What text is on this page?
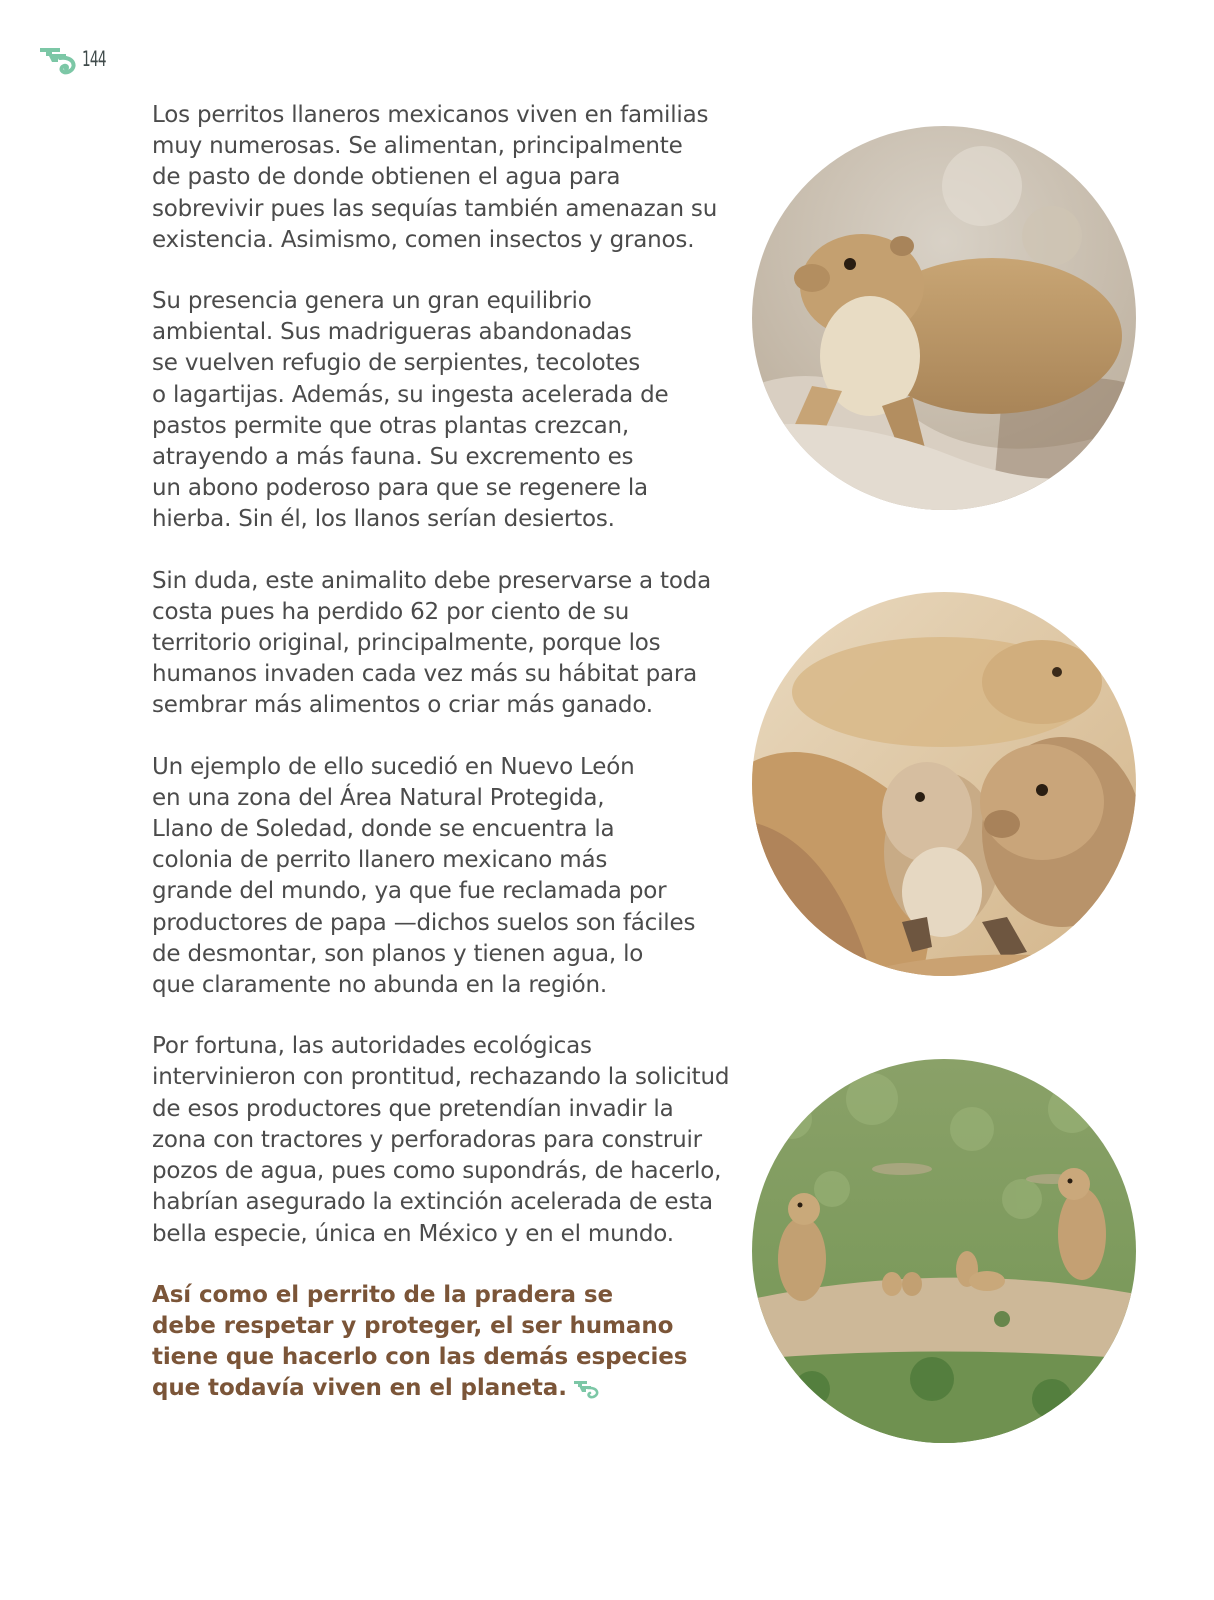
144

Los perritos llaneros mexicanos viven en familias
muy numerosas. Se alimentan, principalmente
de pasto de donde obtienen el agua para
sobrevivir pues las sequías también amenazan su
existencia. Asimismo, comen insectos y granos.

Su presencia genera un gran equilibrio
ambiental. Sus madrigueras abandonadas
se vuelven refugio de serpientes, tecolotes
o lagartijas. Además, su ingesta acelerada de
pastos permite que otras plantas crezcan,
atrayendo a más fauna. Su excremento es
un abono poderoso para que se regenere la
hierba. Sin él, los llanos serían desiertos.

Sin duda, este animalito debe preservarse a toda
costa pues ha perdido 62 por ciento de su
territorio original, principalmente, porque los
humanos invaden cada vez más su hábitat para
sembrar más alimentos o criar más ganado.

Un ejemplo de ello sucedió en Nuevo León
en una zona del Área Natural Protegida,
Llano de Soledad, donde se encuentra la
colonia de perrito llanero mexicano más
grande del mundo, ya que fue reclamada por
productores de papa —dichos suelos son fáciles
de desmontar, son planos y tienen agua, lo
que claramente no abunda en la región.

Por fortuna, las autoridades ecológicas
intervinieron con prontitud, rechazando la solicitud
de esos productores que pretendían invadir la
zona con tractores y perforadoras para construir
pozos de agua, pues como supondrás, de hacerlo,
habrían asegurado la extinción acelerada de esta
bella especie, única en México y en el mundo.

Así como el perrito de la pradera se
debe respetar y proteger, el ser humano
tiene que hacerlo con las demás especies
que todavía viven en el planeta.
